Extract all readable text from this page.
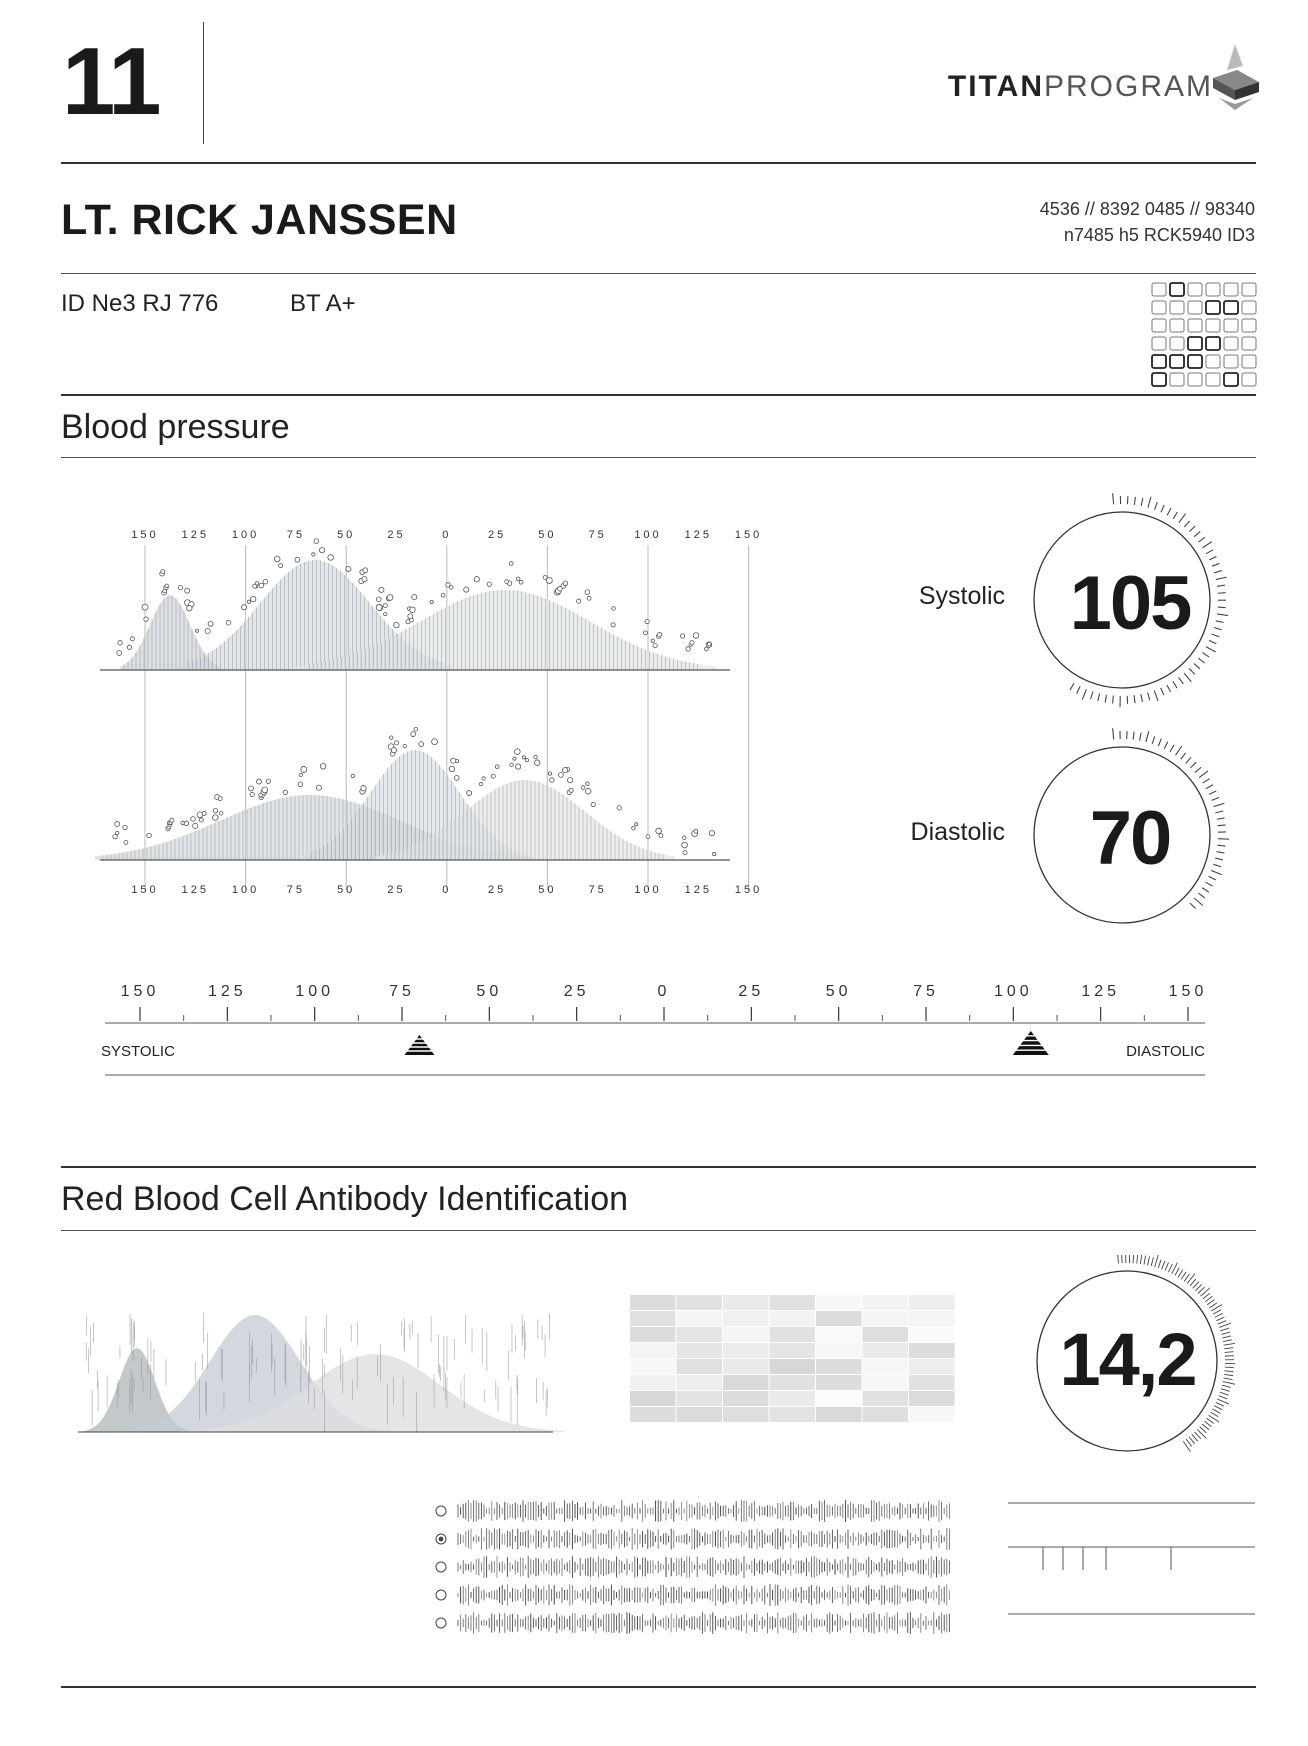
11	TITANPROGRAM
LT. RICK JANSSEN	4536 // 8392 0485 // 98340
n7485 h5 RCK5940 ID3
ID Ne3 RJ 776	BT A+
Blood pressure
150
150
125
125
100
100
75
75
50
50
25
25
0
0
25
25
50
50
75
75
100
100
125
125
150
150
Systolic 105
Diastolic	70
150	125	100	75	50	25	0	25	50	75	100	125	150
SYSTOLIC	DIASTOLIC
Red Blood Cell Antibody Identification
14,2
